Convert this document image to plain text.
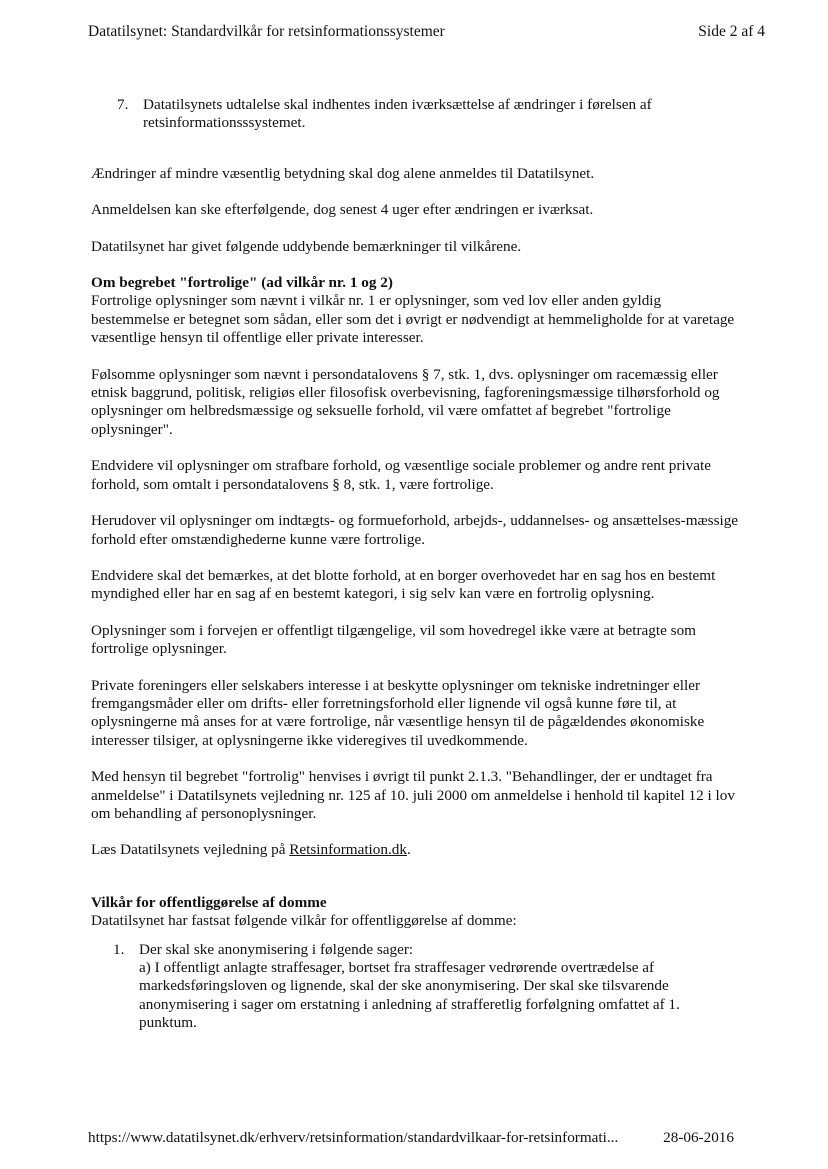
Datatilsynet: Standardvilkår for retsinformationssystemer	Side 2 af 4
7. Datatilsynets udtalelse skal indhentes inden iværksættelse af ændringer i førelsen af retsinformationsssystemet.

Ændringer af mindre væsentlig betydning skal dog alene anmeldes til Datatilsynet.

Anmeldelsen kan ske efterfølgende, dog senest 4 uger efter ændringen er iværksat.

Datatilsynet har givet følgende uddybende bemærkninger til vilkårene.

Om begrebet "fortrolige" (ad vilkår nr. 1 og 2)

Fortrolige oplysninger som nævnt i vilkår nr. 1 er oplysninger, som ved lov eller anden gyldig bestemmelse er betegnet som sådan, eller som det i øvrigt er nødvendigt at hemmeligholde for at varetage væsentlige hensyn til offentlige eller private interesser.

Følsomme oplysninger som nævnt i persondatalovens § 7, stk. 1, dvs. oplysninger om racemæssig eller etnisk baggrund, politisk, religiøs eller filosofisk overbevisning, fagforeningsmæssige tilhørsforhold og oplysninger om helbredsmæssige og seksuelle forhold, vil være omfattet af begrebet "fortrolige oplysninger".

Endvidere vil oplysninger om strafbare forhold, og væsentlige sociale problemer og andre rent private forhold, som omtalt i persondatalovens § 8, stk. 1, være fortrolige.

Herudover vil oplysninger om indtægts- og formueforhold, arbejds-, uddannelses- og ansættelses-mæssige forhold efter omstændighederne kunne være fortrolige.

Endvidere skal det bemærkes, at det blotte forhold, at en borger overhovedet har en sag hos en bestemt myndighed eller har en sag af en bestemt kategori, i sig selv kan være en fortrolig oplysning.

Oplysninger som i forvejen er offentligt tilgængelige, vil som hovedregel ikke være at betragte som fortrolige oplysninger.

Private foreningers eller selskabers interesse i at beskytte oplysninger om tekniske indretninger eller fremgangsmåder eller om drifts- eller forretningsforhold eller lignende vil også kunne føre til, at oplysningerne må anses for at være fortrolige, når væsentlige hensyn til de pågældendes økonomiske interesser tilsiger, at oplysningerne ikke videregives til uvedkommende.

Med hensyn til begrebet "fortrolig" henvises i øvrigt til punkt 2.1.3. "Behandlinger, der er undtaget fra anmeldelse" i Datatilsynets vejledning nr. 125 af 10. juli 2000 om anmeldelse i henhold til kapitel 12 i lov om behandling af personoplysninger.

Læs Datatilsynets vejledning på Retsinformation.dk.

Vilkår for offentliggørelse af domme

Datatilsynet har fastsat følgende vilkår for offentliggørelse af domme:

1. Der skal ske anonymisering i følgende sager:
a) I offentligt anlagte straffesager, bortset fra straffesager vedrørende overtrædelse af markedsføringsloven og lignende, skal der ske anonymisering. Der skal ske tilsvarende anonymisering i sager om erstatning i anledning af strafferetlig forfølgning omfattet af 1. punktum.
https://www.datatilsynet.dk/erhverv/retsinformation/standardvilkaar-for-retsinformati...	28-06-2016
